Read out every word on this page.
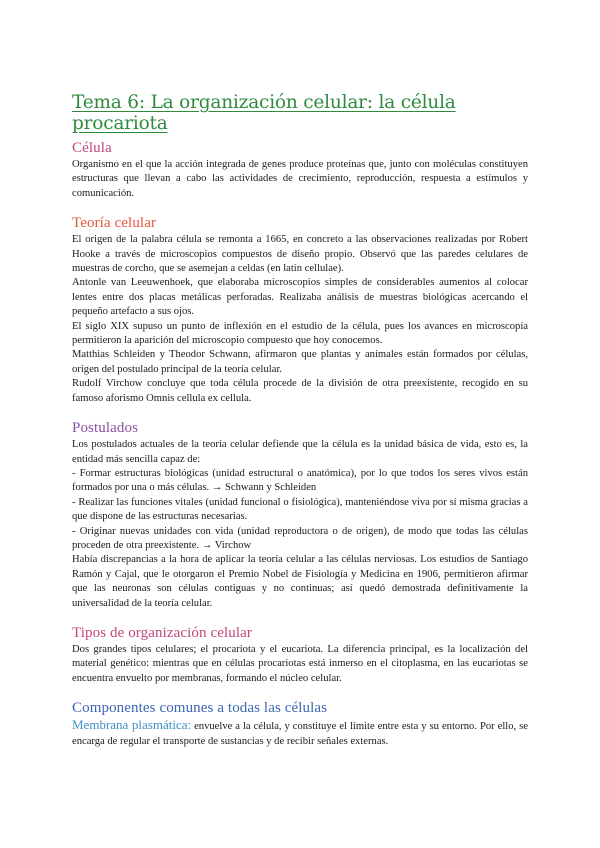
Tema 6: La organización celular: la célula procariota
Célula

Organismo en el que la acción integrada de genes produce proteínas que, junto con moléculas constituyen estructuras que llevan a cabo las actividades de crecimiento, reproducción, respuesta a estímulos y comunicación.

Teoría celular

El origen de la palabra célula se remonta a 1665, en concreto a las observaciones realizadas por Robert Hooke a través de microscopios compuestos de diseño propio. Observó que las paredes celulares de muestras de corcho, que se asemejan a celdas (en latín cellulae).

Antonle van Leeuwenhoek, que elaboraba microscopios simples de considerables aumentos al colocar lentes entre dos placas metálicas perforadas. Realizaba análisis de muestras biológicas acercando el pequeño artefacto a sus ojos.

El siglo XIX supuso un punto de inflexión en el estudio de la célula, pues los avances en microscopía permitieron la aparición del microscopio compuesto que hoy conocemos.

Matthias Schleiden y Theodor Schwann, afirmaron que plantas y animales están formados por células, origen del postulado principal de la teoría celular.

Rudolf Virchow concluye que toda célula procede de la división de otra preexistente, recogido en su famoso aforismo Omnis cellula ex cellula.

Postulados

Los postulados actuales de la teoría celular defiende que la célula es la unidad básica de vida, esto es, la entidad más sencilla capaz de:

- Formar estructuras biológicas (unidad estructural o anatómica), por lo que todos los seres vivos están formados por una o más células. → Schwann y Schleiden

- Realizar las funciones vitales (unidad funcional o fisiológica), manteniéndose viva por sí misma gracias a que dispone de las estructuras necesarias.

- Originar nuevas unidades con vida (unidad reproductora o de origen), de modo que todas las células proceden de otra preexistente. → Virchow

Había discrepancias a la hora de aplicar la teoría celular a las células nerviosas. Los estudios de Santiago Ramón y Cajal, que le otorgaron el Premio Nobel de Fisiología y Medicina en 1906, permitieron afirmar que las neuronas son células contiguas y no continuas; así quedó demostrada definitivamente la universalidad de la teoría celular.

Tipos de organización celular

Dos grandes tipos celulares; el procariota y el eucariota. La diferencia principal, es la localización del material genético: mientras que en células procariotas está inmerso en el citoplasma, en las eucariotas se encuentra envuelto por membranas, formando el núcleo celular.

Componentes comunes a todas las células

Membrana plasmática: envuelve a la célula, y constituye el límite entre esta y su entorno. Por ello, se encarga de regular el transporte de sustancias y de recibir señales externas.
